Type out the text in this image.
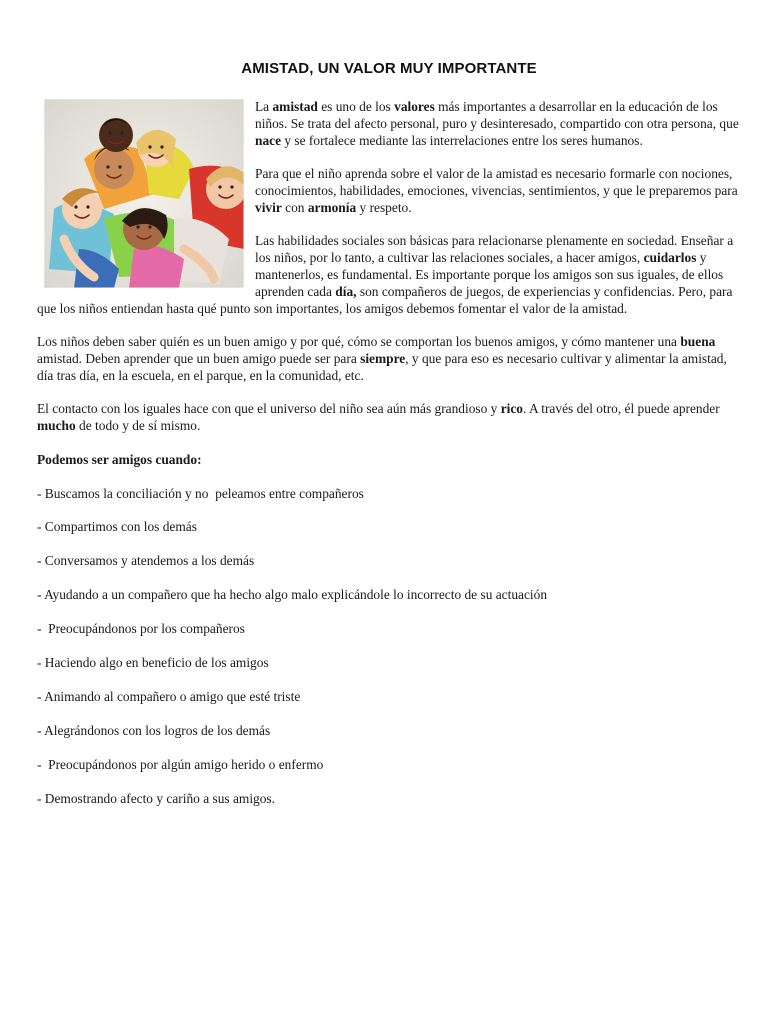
AMISTAD, UN VALOR MUY IMPORTANTE

La amistad es uno de los valores más importantes a desarrollar en la educación de los niños. Se trata del afecto personal, puro y desinteresado, compartido con otra persona, que nace y se fortalece mediante las interrelaciones entre los seres humanos.

Para que el niño aprenda sobre el valor de la amistad es necesario formarle con nociones, conocimientos, habilidades, emociones, vivencias, sentimientos, y que le preparemos para vivir con armonía y respeto.

Las habilidades sociales son básicas para relacionarse plenamente en sociedad. Enseñar a los niños, por lo tanto, a cultivar las relaciones sociales, a hacer amigos, cuidarlos y mantenerlos, es fundamental. Es importante porque los amigos son sus iguales, de ellos aprenden cada día, son compañeros de juegos, de experiencias y confidencias. Pero, para que los niños entiendan hasta qué punto son importantes, los amigos debemos fomentar el valor de la amistad.

Los niños deben saber quién es un buen amigo y por qué, cómo se comportan los buenos amigos, y cómo mantener una buena amistad. Deben aprender que un buen amigo puede ser para siempre, y que para eso es necesario cultivar y alimentar la amistad, día tras día, en la escuela, en el parque, en la comunidad, etc.

El contacto con los iguales hace con que el universo del niño sea aún más grandioso y rico. A través del otro, él puede aprender mucho de todo y de sí mismo.

Podemos ser amigos cuando:

- Buscamos la conciliación y no  peleamos entre compañeros

- Compartimos con los demás

- Conversamos y atendemos a los demás

- Ayudando a un compañero que ha hecho algo malo explicándole lo incorrecto de su actuación

-  Preocupándonos por los compañeros

- Haciendo algo en beneficio de los amigos

- Animando al compañero o amigo que esté triste

- Alegrándonos con los logros de los demás

-  Preocupándonos por algún amigo herido o enfermo

- Demostrando afecto y cariño a sus amigos.
